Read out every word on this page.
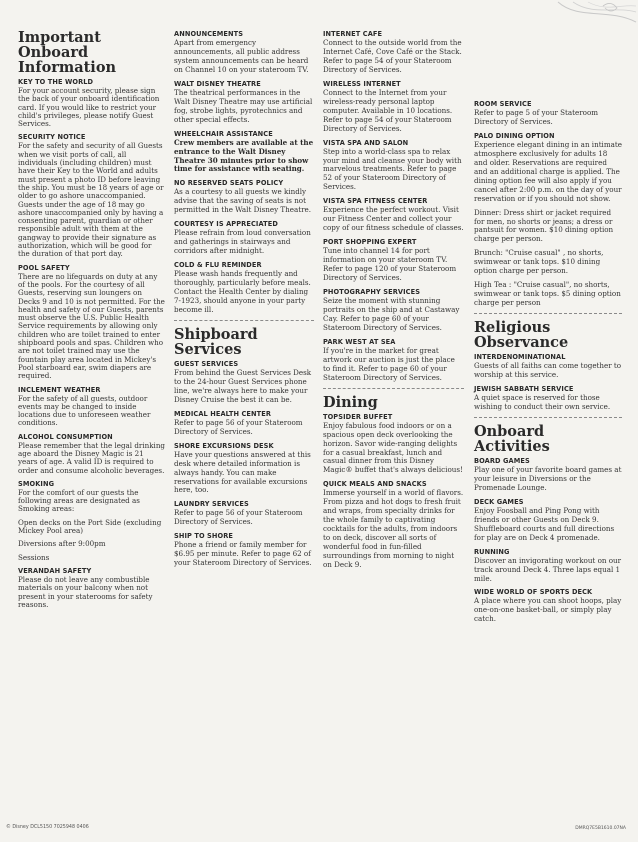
Important Onboard Information
KEY TO THE WORLD
For your account security, please sign the back of your onboard identification card. If you would like to restrict your child's privileges, please notify Guest Services.
SECURITY NOTICE
For the safety and security of all Guests when we visit ports of call, all individuals (including children) must have their Key to the World and adults must present a photo ID before leaving the ship. You must be 18 years of age or older to go ashore unaccompanied. Guests under the age of 18 may go ashore unaccompanied only by having a consenting parent, guardian or other responsible adult with them at the gangway to provide their signature as authorization, which will be good for the duration of that port day.
POOL SAFETY
There are no lifeguards on duty at any of the pools. For the courtesy of all Guests, reserving sun loungers on Decks 9 and 10 is not permitted. For the health and safety of our Guests, parents must observe the U.S. Public Health Service requirements by allowing only children who are toilet trained to enter shipboard pools and spas. Children who are not toilet trained may use the fountain play area located in Mickey's Pool starboard ear, swim diapers are required.
INCLEMENT WEATHER
For the safety of all guests, outdoor events may be changed to inside locations due to unforeseen weather conditions.
ALCOHOL CONSUMPTION
Please remember that the legal drinking age aboard the Disney Magic is 21 years of age. A valid ID is required to order and consume alcoholic beverages.
SMOKING
For the comfort of our guests the following areas are designated as Smoking areas:
Open decks on the Port Side (excluding Mickey Pool area)
Diversions after 9:00pm
Sessions
VERANDAH SAFETY
Please do not leave any combustible materials on your balcony when not present in your staterooms for safety reasons.
ANNOUNCEMENTS
Apart from emergency announcements, all public address system announcements can be heard on Channel 10 on your stateroom TV.
WALT DISNEY THEATRE
The theatrical performances in the Walt Disney Theatre may use artificial fog, strobe lights, pyrotechnics and other special effects.
WHEELCHAIR ASSISTANCE
Crew members are available at the entrance to the Walt Disney Theatre 30 minutes prior to show time for assistance with seating.
NO RESERVED SEATS POLICY
As a courtesy to all guests we kindly advise that the saving of seats is not permitted in the Walt Disney Theatre.
COURTESY IS APPRECIATED
Please refrain from loud conversation and gatherings in stairways and corridors after midnight.
COLD & FLU REMINDER
Please wash hands frequently and thoroughly, particularly before meals. Contact the Health Center by dialing 7-1923, should anyone in your party become ill.
Shipboard Services
GUEST SERVICES
From behind the Guest Services Desk to the 24-hour Guest Services phone line, we're always here to make your Disney Cruise the best it can be.
MEDICAL HEALTH CENTER
Refer to page 56 of your Stateroom Directory of Services.
SHORE EXCURSIONS DESK
Have your questions answered at this desk where detailed information is always handy. You can make reservations for available excursions here, too.
LAUNDRY SERVICES
Refer to page 56 of your Stateroom Directory of Services.
SHIP TO SHORE
Phone a friend or family member for $6.95 per minute. Refer to page 62 of your Stateroom Directory of Services.
INTERNET CAFE
Connect to the outside world from the Internet Café, Cove Café or the Stack. Refer to page 54 of your Stateroom Directory of Services.
WIRELESS INTERNET
Connect to the Internet from your wireless-ready personal laptop computer. Available in 10 locations. Refer to page 54 of your Stateroom Directory of Services.
VISTA SPA AND SALON
Step into a world-class spa to relax your mind and cleanse your body with marvelous treatments. Refer to page 52 of your Stateroom Directory of Services.
VISTA SPA FITNESS CENTER
Experience the perfect workout. Visit our Fitness Center and collect your copy of our fitness schedule of classes.
PORT SHOPPING EXPERT
Tune into channel 14 for port information on your stateroom TV. Refer to page 120 of your Stateroom Directory of Services.
PHOTOGRAPHY SERVICES
Seize the moment with stunning portraits on the ship and at Castaway Cay. Refer to page 60 of your Stateroom Directory of Services.
PARK WEST AT SEA
If you're in the market for great artwork our auction is just the place to find it. Refer to page 60 of your Stateroom Directory of Services.
Dining
TOPSIDER BUFFET
Enjoy fabulous food indoors or on a spacious open deck overlooking the horizon. Savor wide-ranging delights for a casual breakfast, lunch and casual dinner from this Disney Magic® buffet that's always delicious!
QUICK MEALS AND SNACKS
Immerse yourself in a world of flavors. From pizza and hot dogs to fresh fruit and wraps, from specialty drinks for the whole family to captivating cocktails for the adults, from indoors to on deck, discover all sorts of wonderful food in fun-filled surroundings from morning to night on Deck 9.
ROOM SERVICE
Refer to page 5 of your Stateroom Directory of Services.
PALO DINING OPTION
Experience elegant dining in an intimate atmosphere exclusively for adults 18 and older. Reservations are required and an additional charge is applied. The dining option fee will also apply if you cancel after 2:00 p.m. on the day of your reservation or if you should not show.
Dinner: Dress shirt or jacket required for men, no shorts or jeans; a dress or pantsuit for women. $10 dining option charge per person.
Brunch: "Cruise casual" , no shorts, swimwear or tank tops. $10 dining option charge per person.
High Tea : "Cruise casual", no shorts, swimwear or tank tops. $5 dining option charge per person
Religious Observance
INTERDENOMINATIONAL
Guests of all faiths can come together to worship at this service.
JEWISH SABBATH SERVICE
A quiet space is reserved for those wishing to conduct their own service.
Onboard Activities
BOARD GAMES
Play one of your favorite board games at your leisure in Diversions or the Promenade Lounge.
DECK GAMES
Enjoy Foosball and Ping Pong with friends or other Guests on Deck 9. Shuffleboard courts and full directions for play are on Deck 4 promenade.
RUNNING
Discover an invigorating workout on our track around Deck 4. Three laps equal 1 mile.
WIDE WORLD OF SPORTS DECK
A place where you can shoot hoops, play one-on-one basket-ball, or simply play catch.
© Disney DCL5150 7025948 0406	DMRQ7E5B1610.07NA
